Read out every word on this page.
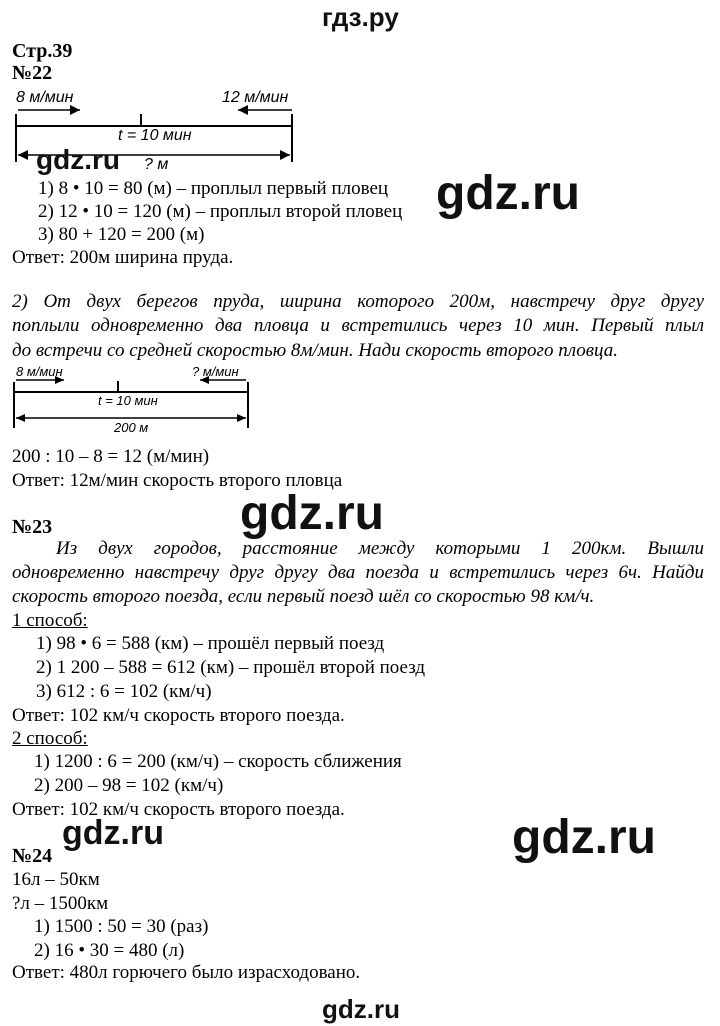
гдз.ру
Стр.39
№22
8 м/мин	12 м/мин
t = 10 мин
? м
gdz.ru
1) 8 • 10 = 80 (м) – проплыл первый пловец
2) 12 • 10 = 120 (м) – проплыл второй пловец
3) 80 + 120 = 200 (м)
gdz.ru
Ответ: 200м ширина пруда.
2) От двух берегов пруда, ширина которого 200м, навстречу друг другу
поплыли одновременно два пловца и встретились через 10 мин. Первый плыл
до встречи со средней скоростью 8м/мин. Нади скорость второго пловца.
8 м/мин	? м/мин
t = 10 мин
200 м
200 : 10 – 8 = 12 (м/мин)
Ответ: 12м/мин скорость второго пловца
gdz.ru
№23
Из двух городов, расстояние между которыми 1 200км. Вышли
одновременно навстречу друг другу два поезда и встретились через 6ч. Найди
скорость второго поезда, если первый поезд шёл со скоростью 98 км/ч.
1 способ:
1) 98 • 6 = 588 (км) – прошёл первый поезд
2) 1 200 – 588 = 612 (км) – прошёл второй поезд
3) 612 : 6 = 102 (км/ч)
Ответ: 102 км/ч скорость второго поезда.
2 способ:
1) 1200 : 6 = 200 (км/ч) – скорость сближения
2) 200 – 98 = 102 (км/ч)
Ответ: 102 км/ч скорость второго поезда.
gdz.ru	gdz.ru
№24
16л – 50км
?л – 1500км
1) 1500 : 50 = 30 (раз)
2) 16 • 30 = 480 (л)
Ответ: 480л горючего было израсходовано.
gdz.ru
